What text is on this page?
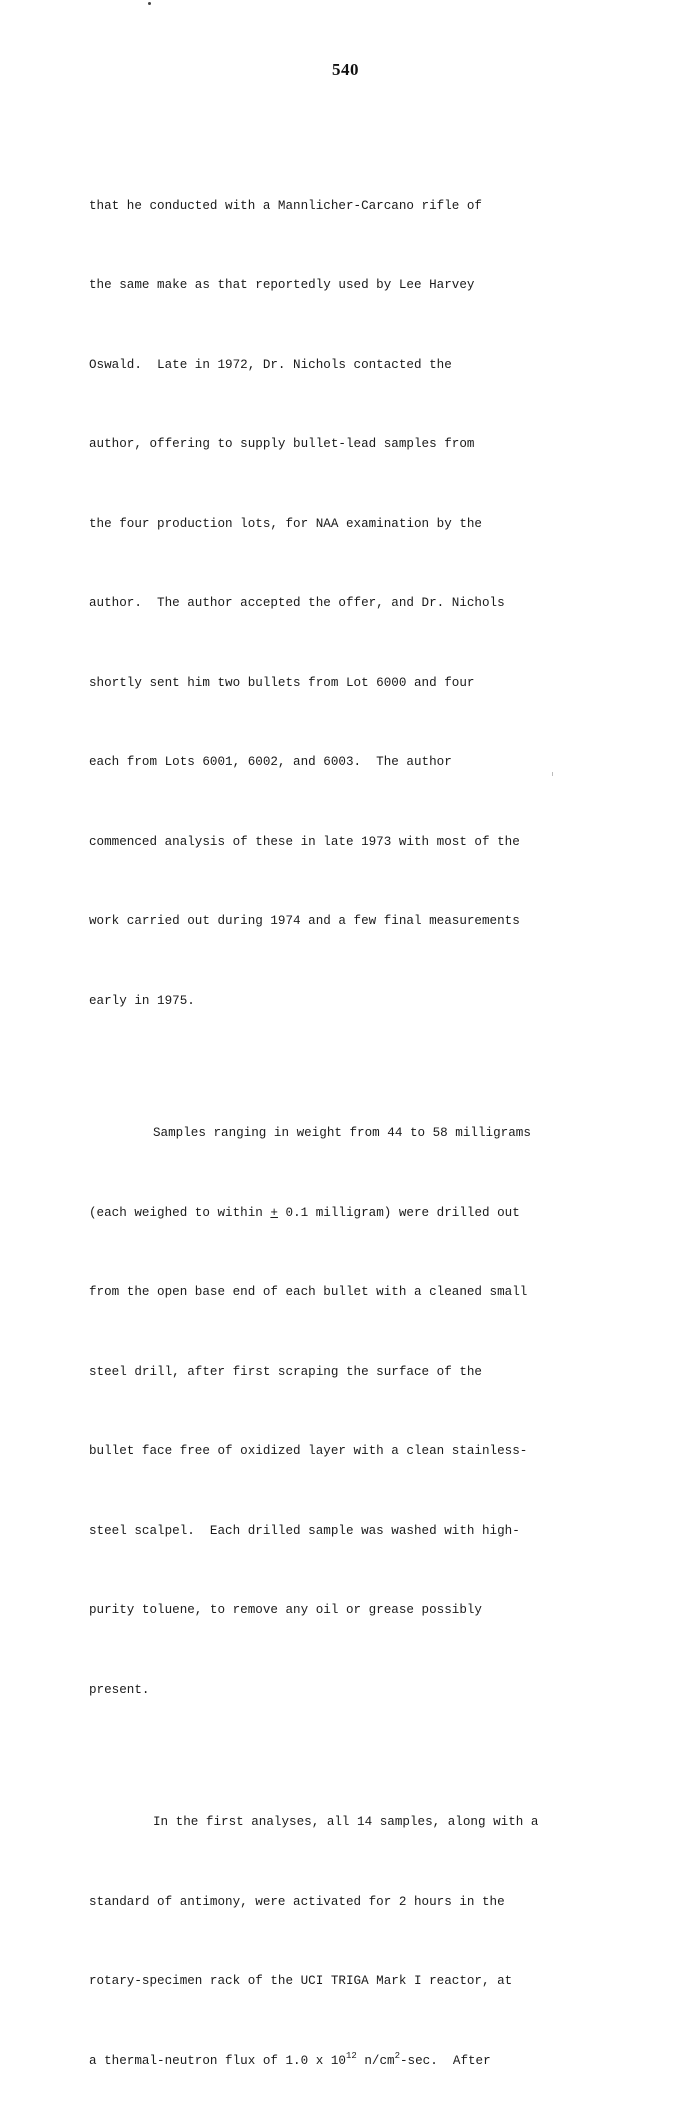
540

that he conducted with a Mannlicher-Carcano rifle of

the same make as that reportedly used by Lee Harvey

Oswald.  Late in 1972, Dr. Nichols contacted the

author, offering to supply bullet-lead samples from

the four production lots, for NAA examination by the

author.  The author accepted the offer, and Dr. Nichols

shortly sent him two bullets from Lot 6000 and four

each from Lots 6001, 6002, and 6003.  The author

commenced analysis of these in late 1973 with most of the

work carried out during 1974 and a few final measurements

early in 1975.

Samples ranging in weight from 44 to 58 milligrams

(each weighed to within + 0.1 milligram) were drilled out

from the open base end of each bullet with a cleaned small

steel drill, after first scraping the surface of the

bullet face free of oxidized layer with a clean stainless-

steel scalpel.  Each drilled sample was washed with high-

purity toluene, to remove any oil or grease possibly

present.

In the first analyses, all 14 samples, along with a

standard of antimony, were activated for 2 hours in the

rotary-specimen rack of the UCI TRIGA Mark I reactor, at

a thermal-neutron flux of 1.0 x $10^{12}$ $n/cm^2-\sec$.  After
